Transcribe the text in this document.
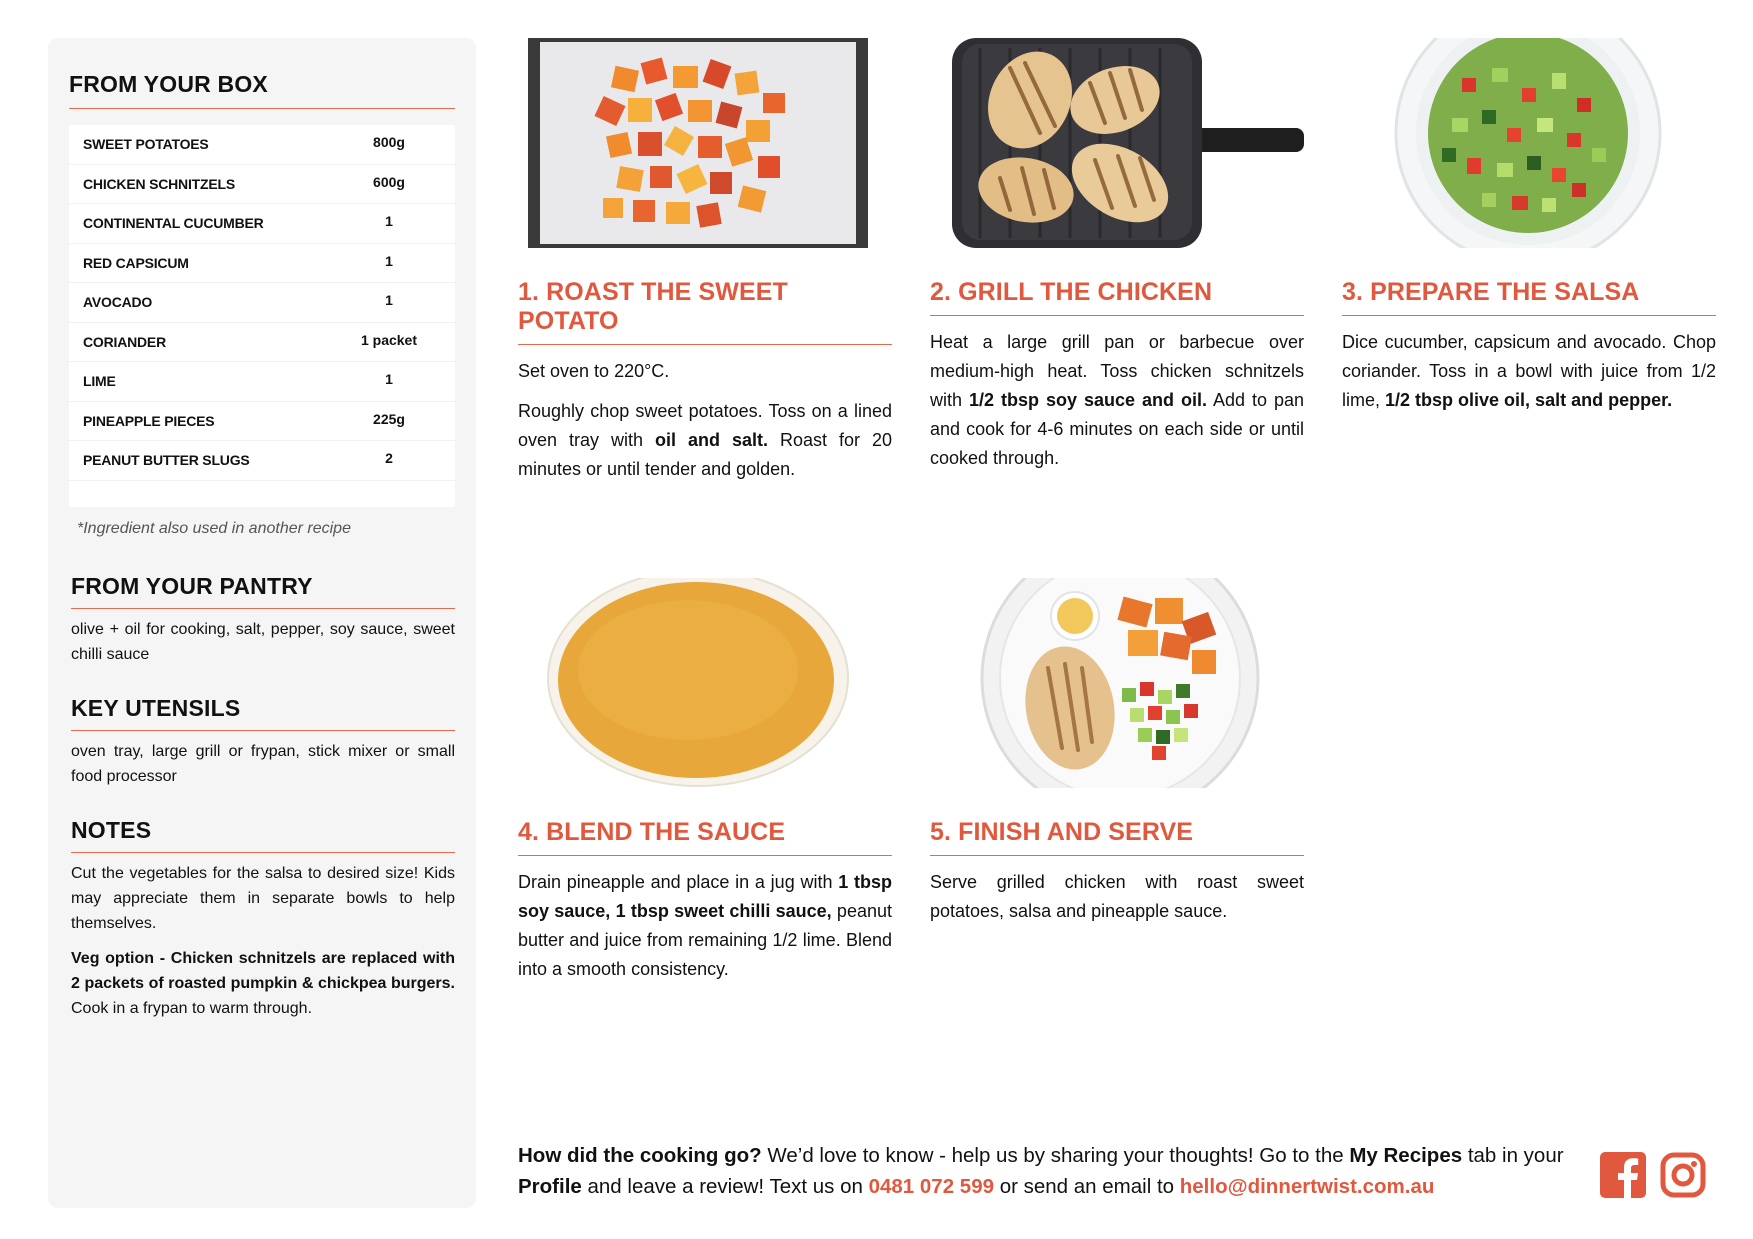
FROM YOUR BOX
SWEET POTATOES	800g
CHICKEN SCHNITZELS	600g
CONTINENTAL CUCUMBER	1
RED CAPSICUM	1
AVOCADO	1
CORIANDER	1 packet
LIME	1
PINEAPPLE PIECES	225g
PEANUT BUTTER SLUGS	2
*Ingredient also used in another recipe
FROM YOUR PANTRY
olive + oil for cooking, salt, pepper, soy sauce, sweet chilli sauce
KEY UTENSILS
oven tray, large grill or frypan, stick mixer or small food processor
NOTES

Cut the vegetables for the salsa to desired size! Kids may appreciate them in separate bowls to help themselves.

Veg option - Chicken schnitzels are replaced with 2 packets of roasted pumpkin & chickpea burgers. Cook in a frypan to warm through.

1. ROAST THE SWEET POTATO

Set oven to 220°C.

Roughly chop sweet potatoes. Toss on a lined oven tray with oil and salt. Roast for 20 minutes or until tender and golden.

2. GRILL THE CHICKEN

Heat a large grill pan or barbecue over medium-high heat. Toss chicken schnitzels with 1/2 tbsp soy sauce and oil. Add to pan and cook for 4-6 minutes on each side or until cooked through.

3. PREPARE THE SALSA

Dice cucumber, capsicum and avocado. Chop coriander. Toss in a bowl with juice from 1/2 lime, 1/2 tbsp olive oil, salt and pepper.

4. BLEND THE SAUCE

Drain pineapple and place in a jug with 1 tbsp soy sauce, 1 tbsp sweet chilli sauce, peanut butter and juice from remaining 1/2 lime. Blend into a smooth consistency.

5. FINISH AND SERVE

Serve grilled chicken with roast sweet potatoes, salsa and pineapple sauce.

How did the cooking go? We’d love to know - help us by sharing your thoughts! Go to the My Recipes tab in your Profile and leave a review! Text us on 0481 072 599 or send an email to hello@dinnertwist.com.au
